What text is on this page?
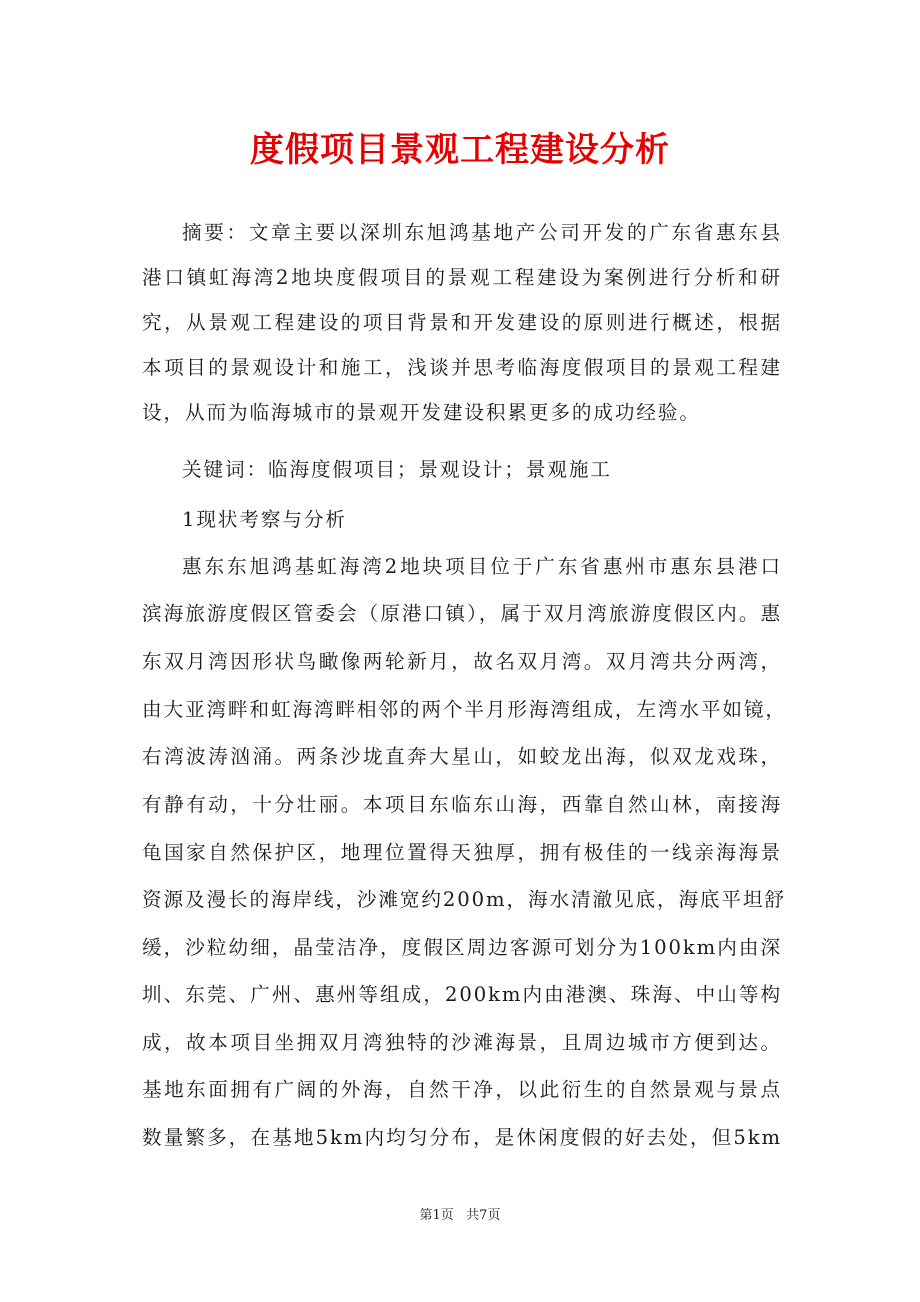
度假项目景观工程建设分析
摘要：文章主要以深圳东旭鸿基地产公司开发的广东省惠东县
港口镇虹海湾2地块度假项目的景观工程建设为案例进行分析和研
究，从景观工程建设的项目背景和开发建设的原则进行概述，根据
本项目的景观设计和施工，浅谈并思考临海度假项目的景观工程建
设，从而为临海城市的景观开发建设积累更多的成功经验。
关键词：临海度假项目；景观设计；景观施工
1现状考察与分析
惠东东旭鸿基虹海湾2地块项目位于广东省惠州市惠东县港口
滨海旅游度假区管委会（原港口镇），属于双月湾旅游度假区内。惠
东双月湾因形状鸟瞰像两轮新月，故名双月湾。双月湾共分两湾，
由大亚湾畔和虹海湾畔相邻的两个半月形海湾组成，左湾水平如镜，
右湾波涛汹涌。两条沙垅直奔大星山，如蛟龙出海，似双龙戏珠，
有静有动，十分壮丽。本项目东临东山海，西靠自然山林，南接海
龟国家自然保护区，地理位置得天独厚，拥有极佳的一线亲海海景
资源及漫长的海岸线，沙滩宽约200m，海水清澈见底，海底平坦舒
缓，沙粒幼细，晶莹洁净，度假区周边客源可划分为100km内由深
圳、东莞、广州、惠州等组成，200km内由港澳、珠海、中山等构
成，故本项目坐拥双月湾独特的沙滩海景，且周边城市方便到达。
基地东面拥有广阔的外海，自然干净，以此衍生的自然景观与景点
数量繁多，在基地5km内均匀分布，是休闲度假的好去处，但5km
第1页   共7页
